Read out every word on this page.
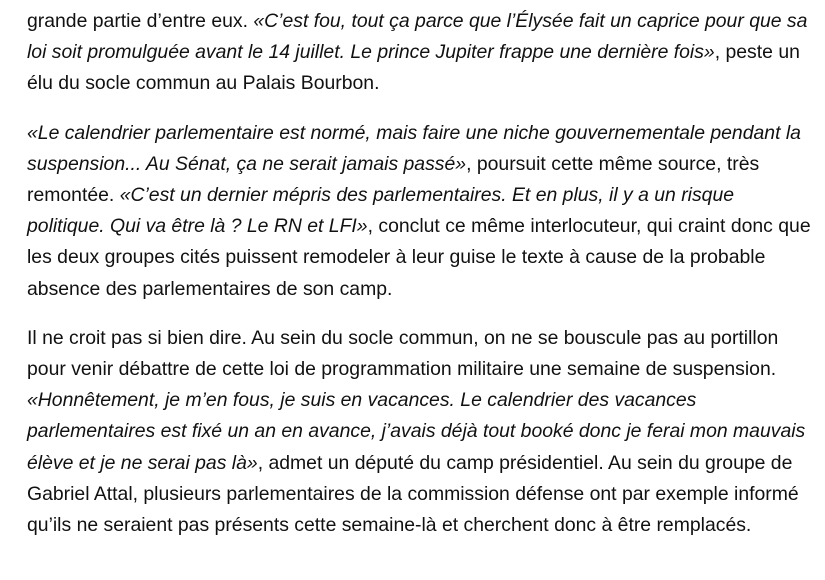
grande partie d’entre eux. «C’est fou, tout ça parce que l’Élysée fait un caprice pour que sa loi soit promulguée avant le 14 juillet. Le prince Jupiter frappe une dernière fois», peste un élu du socle commun au Palais Bourbon.

«Le calendrier parlementaire est normé, mais faire une niche gouvernementale pendant la suspension... Au Sénat, ça ne serait jamais passé», poursuit cette même source, très remontée. «C’est un dernier mépris des parlementaires. Et en plus, il y a un risque politique. Qui va être là ? Le RN et LFI», conclut ce même interlocuteur, qui craint donc que les deux groupes cités puissent remodeler à leur guise le texte à cause de la probable absence des parlementaires de son camp.

Il ne croit pas si bien dire. Au sein du socle commun, on ne se bouscule pas au portillon pour venir débattre de cette loi de programmation militaire une semaine de suspension. «Honnêtement, je m’en fous, je suis en vacances. Le calendrier des vacances parlementaires est fixé un an en avance, j’avais déjà tout booké donc je ferai mon mauvais élève et je ne serai pas là», admet un député du camp présidentiel. Au sein du groupe de Gabriel Attal, plusieurs parlementaires de la commission défense ont par exemple informé qu’ils ne seraient pas présents cette semaine-là et cherchent donc à être remplacés.
